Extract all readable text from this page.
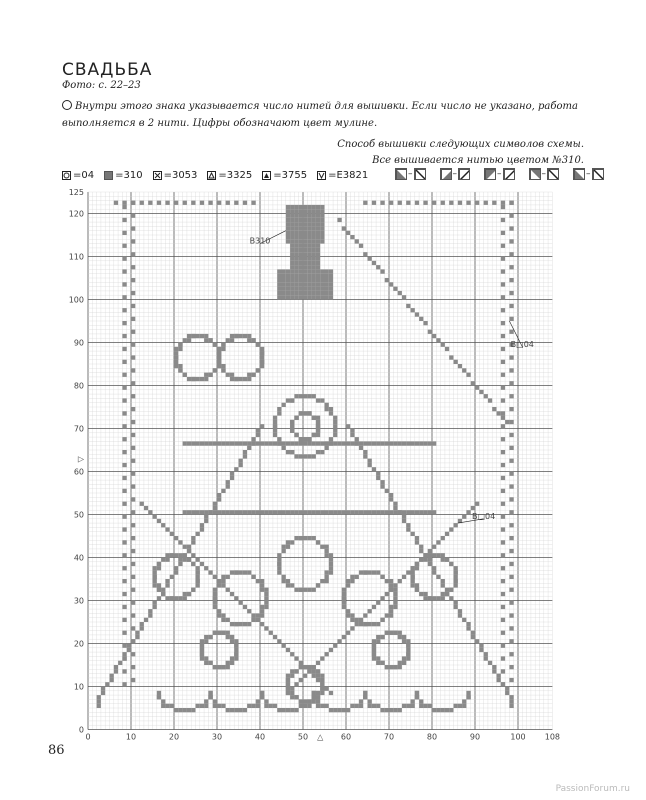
СВАДЬБА
Фото: с. 22–23
Внутри этого знака указывается число нитей для вышивки. Если число не указано, работа выполняется в 2 нити. Цифры обозначают цвет мулине.
Способ вышивки следующих символов схемы.
Все вышивается нитью цветом №310.
=04 =310 =3053 =3325 =3755 =E3821	–	–	–	–	–
0	10	20	30	40	50	60	70	80	90	100 108
0
10
20
30
40
50
60
70
80
90
100
110
120
125
△
▷
B310
B□04
B□04
86
PassionForum.ru
